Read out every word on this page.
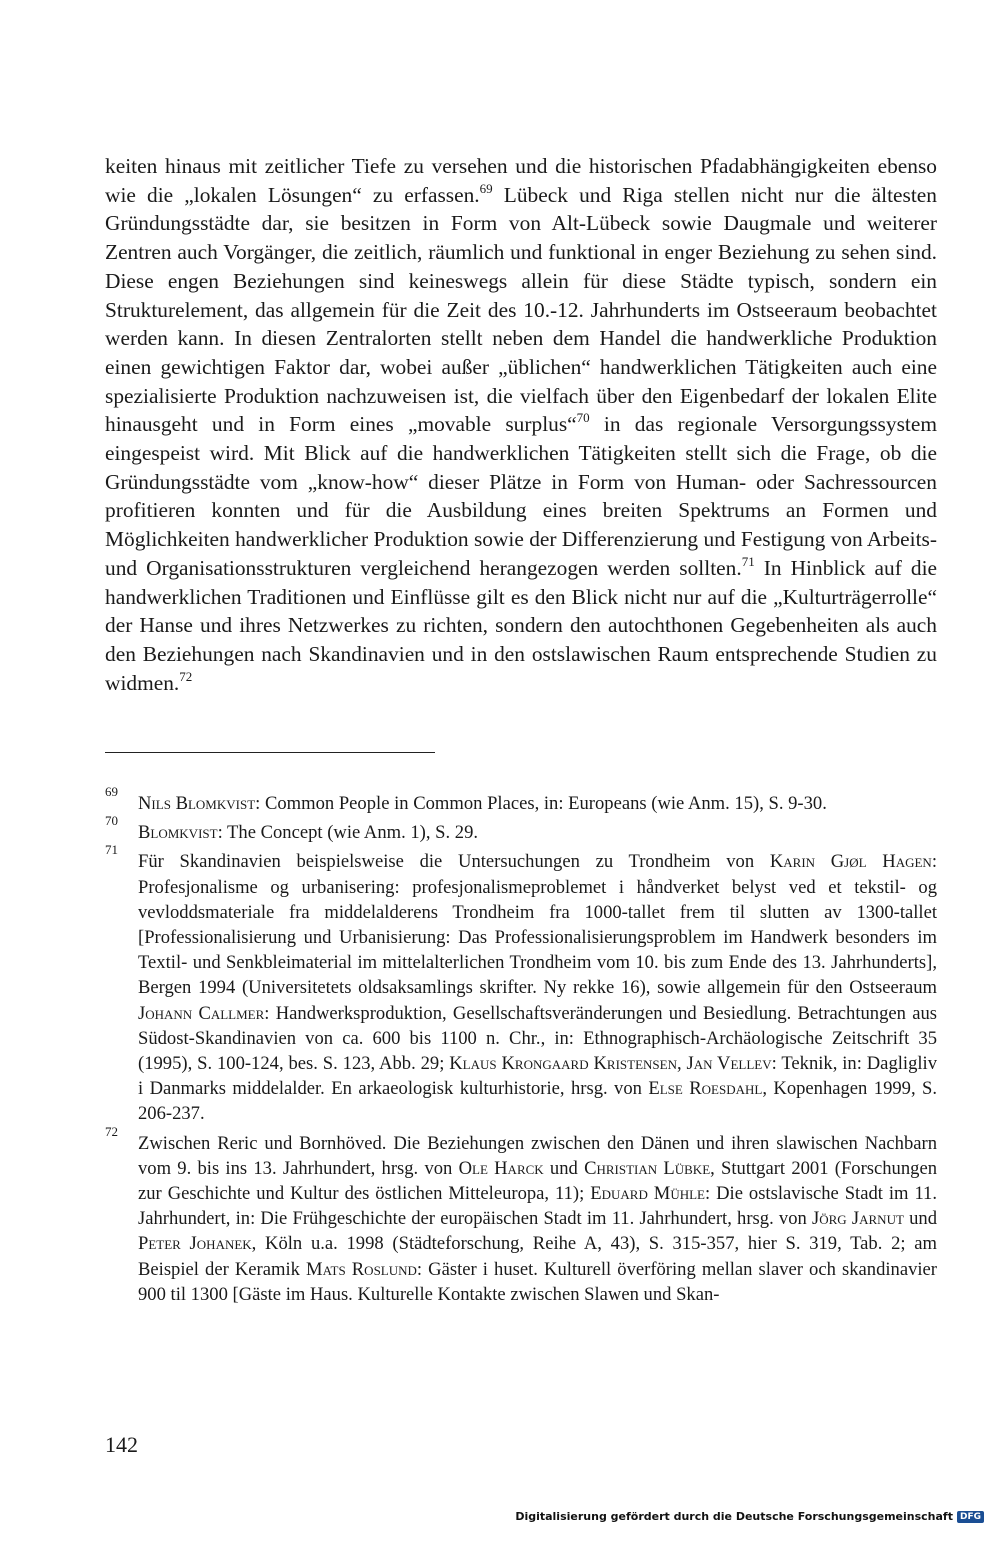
keiten hinaus mit zeitlicher Tiefe zu versehen und die historischen Pfadabhängigkeiten ebenso wie die „lokalen Lösungen“ zu erfassen.$^{69}$ Lübeck und Riga stellen nicht nur die ältesten Gründungsstädte dar, sie besitzen in Form von Alt-Lübeck sowie Daugmale und weiterer Zentren auch Vorgänger, die zeitlich, räumlich und funktional in enger Beziehung zu sehen sind. Diese engen Beziehungen sind keineswegs allein für diese Städte typisch, sondern ein Strukturelement, das allgemein für die Zeit des 10.-12. Jahrhunderts im Ostseeraum beobachtet werden kann. In diesen Zentralorten stellt neben dem Handel die handwerkliche Produktion einen gewichtigen Faktor dar, wobei außer „üblichen“ handwerklichen Tätigkeiten auch eine spezialisierte Produktion nachzuweisen ist, die vielfach über den Eigenbedarf der lokalen Elite hinausgeht und in Form eines „movable surplus“$^{70}$ in das regionale Versorgungssystem eingespeist wird. Mit Blick auf die handwerklichen Tätigkeiten stellt sich die Frage, ob die Gründungsstädte vom „know-how“ dieser Plätze in Form von Human- oder Sachressourcen profitieren konnten und für die Ausbildung eines breiten Spektrums an Formen und Möglichkeiten handwerklicher Produktion sowie der Differenzierung und Festigung von Arbeits- und Organisationsstrukturen vergleichend herangezogen werden sollten.$^{71}$ In Hinblick auf die handwerklichen Traditionen und Einflüsse gilt es den Blick nicht nur auf die „Kulturträgerrolle“ der Hanse und ihres Netzwerkes zu richten, sondern den autochthonen Gegebenheiten als auch den Beziehungen nach Skandinavien und in den ostslawischen Raum entsprechende Studien zu widmen.$^{72}$

69
Nils Blomkvist: Common People in Common Places, in: Europeans (wie Anm. 15), S. 9-30.

70
Blomkvist: The Concept (wie Anm. 1), S. 29.

71
Für Skandinavien beispielsweise die Untersuchungen zu Trondheim von Karin Gjøl Hagen: Profesjonalisme og urbanisering: profesjonalismeproblemet i håndverket belyst ved et tekstil- og vevloddsmateriale fra middelalderens Trondheim fra 1000-tallet frem til slutten av 1300-tallet [Professionalisierung und Urbanisierung: Das Professionalisierungsproblem im Handwerk besonders im Textil- und Senkbleimaterial im mittelalterlichen Trondheim vom 10. bis zum Ende des 13. Jahrhunderts], Bergen 1994 (Universitetets oldsaksamlings skrifter. Ny rekke 16), sowie allgemein für den Ostseeraum Johann Callmer: Handwerksproduktion, Gesellschaftsveränderungen und Besiedlung. Betrachtungen aus Südost-Skandinavien von ca. 600 bis 1100 n. Chr., in: Ethnographisch-Archäologische Zeitschrift 35 (1995), S. 100-124, bes. S. 123, Abb. 29; Klaus Krongaard Kristensen, Jan Vellev: Teknik, in: Dagligliv i Danmarks middelalder. En arkaeologisk kulturhistorie, hrsg. von Else Roesdahl, Kopenhagen 1999, S. 206-237.

72
Zwischen Reric und Bornhöved. Die Beziehungen zwischen den Dänen und ihren slawischen Nachbarn vom 9. bis ins 13. Jahrhundert, hrsg. von Ole Harck und Christian Lübke, Stuttgart 2001 (Forschungen zur Geschichte und Kultur des östlichen Mitteleuropa, 11); Eduard Mühle: Die ostslavische Stadt im 11. Jahrhundert, in: Die Frühgeschichte der europäischen Stadt im 11. Jahrhundert, hrsg. von Jörg Jarnut und Peter Johanek, Köln u.a. 1998 (Städteforschung, Reihe A, 43), S. 315-357, hier S. 319, Tab. 2; am Beispiel der Keramik Mats Roslund: Gäster i huset. Kulturell överföring mellan slaver och skandinavier 900 til 1300 [Gäste im Haus. Kulturelle Kontakte zwischen Slawen und Skan-

142
Digitalisierung gefördert durch die Deutsche Forschungsgemeinschaft DFG
